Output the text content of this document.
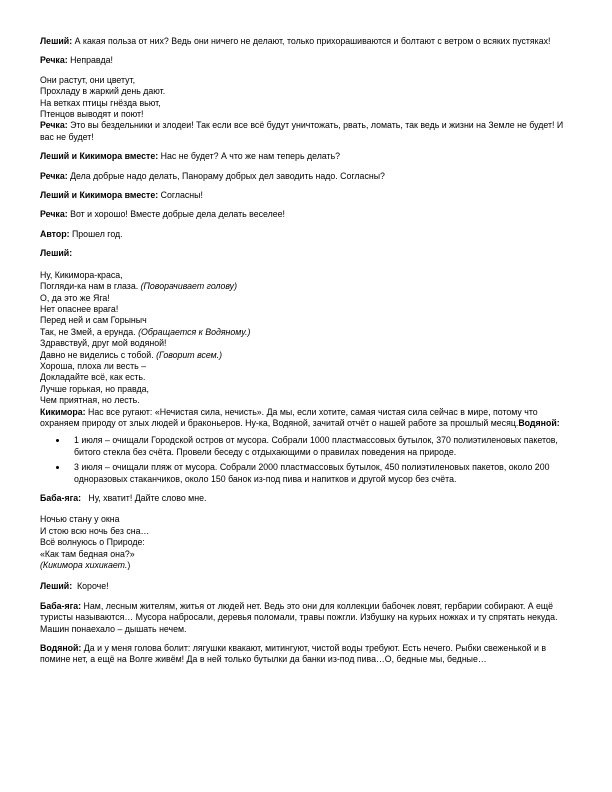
Леший: А какая польза от них? Ведь они ничего не делают, только прихорашиваются и болтают с ветром о всяких пустяках!

Речка: Неправда!

Они растут, они цветут,
Прохладу в жаркий день дают.
На ветках птицы гнёзда вьют,
Птенцов выводят и поют!

Речка: Это вы бездельники и злодеи! Так если все всё будут уничтожать, рвать, ломать, так ведь и жизни на Земле не будет! И вас не будет!

Леший и Кикимора вместе: Нас не будет? А что же нам теперь делать?

Речка: Дела добрые надо делать, Панораму добрых дел заводить надо. Согласны?

Леший и Кикимора вместе: Согласны!

Речка: Вот и хорошо! Вместе добрые дела делать веселее!

Автор: Прошел год.

Леший:

Ну, Кикимора-краса,
Погляди-ка нам в глаза. (Поворачивает голову)
О, да это же Яга!
Нет опаснее врага!
Перед ней и сам Горыныч
Так, не Змей, а ерунда. (Обращается к Водяному.)
Здравствуй, друг мой водяной!
Давно не виделись с тобой. (Говорит всем.)
Хороша, плоха ли весть –
Докладайте всё, как есть.
Лучше горькая, но правда,
Чем приятная, но лесть.

Кикимора: Нас все ругают: «Нечистая сила, нечисть». Да мы, если хотите, самая чистая сила сейчас в мире, потому что охраняем природу от злых людей и браконьеров. Ну-ка, Водяной, зачитай отчёт о нашей работе за прошлый месяц.Водяной:

• 1 июля – очищали Городской остров от мусора. Собрали 1000 пластмассовых бутылок, 370 полиэтиленовых пакетов, битого стекла без счёта. Провели беседу с отдыхающими о правилах поведения на природе.
• 3 июля – очищали пляж от мусора. Собрали 2000 пластмассовых бутылок, 450 полиэтиленовых пакетов, около 200 одноразовых стаканчиков, около 150 банок из-под пива и напитков и другой мусор без счёта.

Баба-яга:   Ну, хватит! Дайте слово мне.

Ночью стану у окна
И стою всю ночь без сна…
Всё волнуюсь о Природе:
«Как там бедная она?»
(Кикимора хихикает.)

Леший:  Короче!

Баба-яга: Нам, лесным жителям, житья от людей нет. Ведь это они для коллекции бабочек ловят, гербарии собирают. А ещё туристы называются… Мусора набросали, деревья поломали, травы пожгли. Избушку на курьих ножках и ту спрятать некуда. Машин понаехало – дышать нечем.

Водяной: Да и у меня голова болит: лягушки квакают, митингуют, чистой воды требуют. Есть нечего. Рыбки свеженькой и в помине нет, а ещё на Волге живём! Да в ней только бутылки да банки из-под пива…О, бедные мы, бедные…
